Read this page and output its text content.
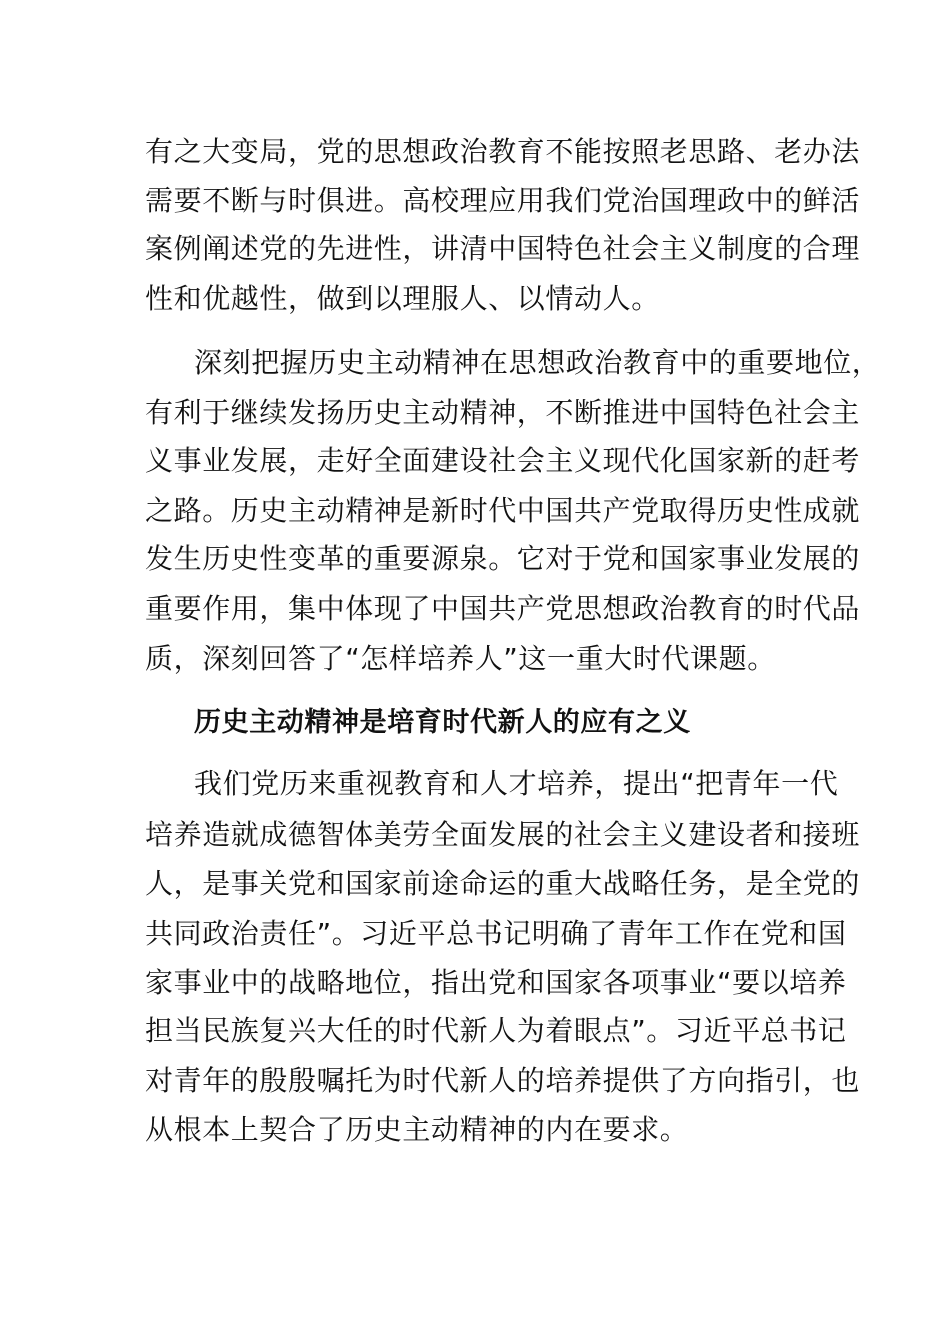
有之大变局，党的思想政治教育不能按照老思路、老办法
需要不断与时俱进。高校理应用我们党治国理政中的鲜活
案例阐述党的先进性，讲清中国特色社会主义制度的合理
性和优越性，做到以理服人、以情动人。
深刻把握历史主动精神在思想政治教育中的重要地位，
有利于继续发扬历史主动精神，不断推进中国特色社会主
义事业发展，走好全面建设社会主义现代化国家新的赶考
之路。历史主动精神是新时代中国共产党取得历史性成就
发生历史性变革的重要源泉。它对于党和国家事业发展的
重要作用，集中体现了中国共产党思想政治教育的时代品
质，深刻回答了“怎样培养人”这一重大时代课题。
历史主动精神是培育时代新人的应有之义
我们党历来重视教育和人才培养，提出“把青年一代
培养造就成德智体美劳全面发展的社会主义建设者和接班
人，是事关党和国家前途命运的重大战略任务，是全党的
共同政治责任”。习近平总书记明确了青年工作在党和国
家事业中的战略地位，指出党和国家各项事业“要以培养
担当民族复兴大任的时代新人为着眼点”。习近平总书记
对青年的殷殷嘱托为时代新人的培养提供了方向指引，也
从根本上契合了历史主动精神的内在要求。
